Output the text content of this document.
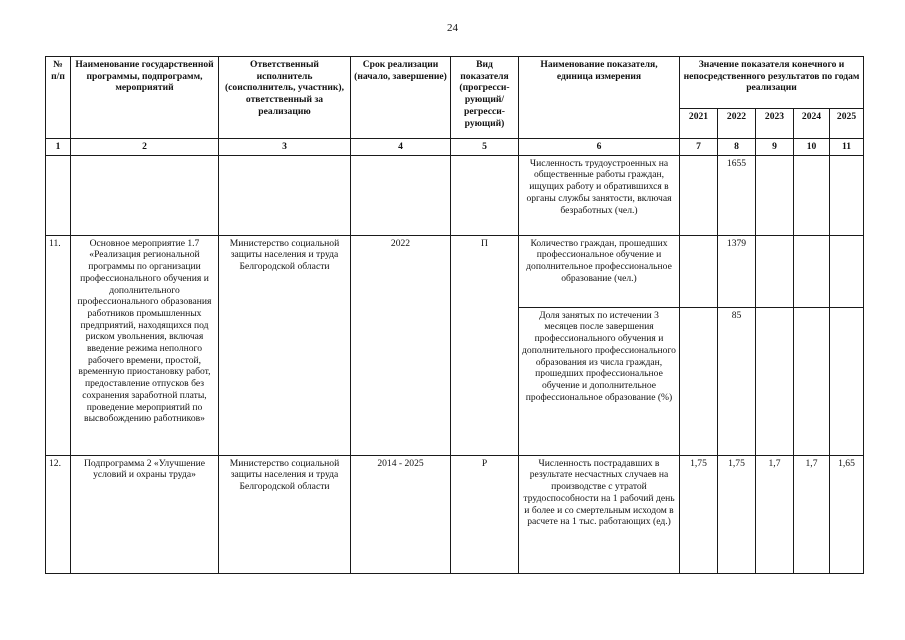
24
№ п/п	Наименование государственной программы, подпрограмм, мероприятий	Ответственный исполнитель (соисполнитель, участник), ответственный за реализацию	Срок реализации (начало, завершение)	Вид показателя (прогресси-рующий/ регресси-рующий)	Наименование показателя, единица измерения	Значение показателя конечного и непосредственного результатов по годам реализации				
						2021	2022	2023	2024	2025
1	2	3	4	5	6	7	8	9	10	11
					Численность трудоустроенных на общественные работы граждан, ищущих работу и обратившихся в органы службы занятости, включая безработных (чел.)		1655			
11.	Основное мероприятие 1.7 «Реализация региональной программы по организации профессионального обучения и дополнительного профессионального образования работников промышленных предприятий, находящихся под риском увольнения, включая введение режима неполного рабочего времени, простой, временную приостановку работ, предоставление отпусков без сохранения заработной платы, проведение мероприятий по высвобождению работников»	Министерство социальной защиты населения и труда Белгородской области	2022	П	Количество граждан, прошедших профессиональное обучение и дополнительное профессиональное образование (чел.)		1379			
					Доля занятых по истечении 3 месяцев после завершения профессионального обучения и дополнительного профессионального образования из числа граждан, прошедших профессиональное обучение и дополнительное профессиональное образование (%)		85			
12.	Подпрограмма 2 «Улучшение условий и охраны труда»	Министерство социальной защиты населения и труда Белгородской области	2014 - 2025	Р	Численность пострадавших в результате несчастных случаев на производстве с утратой трудоспособности на 1 рабочий день и более и со смертельным исходом в расчете на 1 тыс. работающих (ед.)	1,75	1,75	1,7	1,7	1,65
